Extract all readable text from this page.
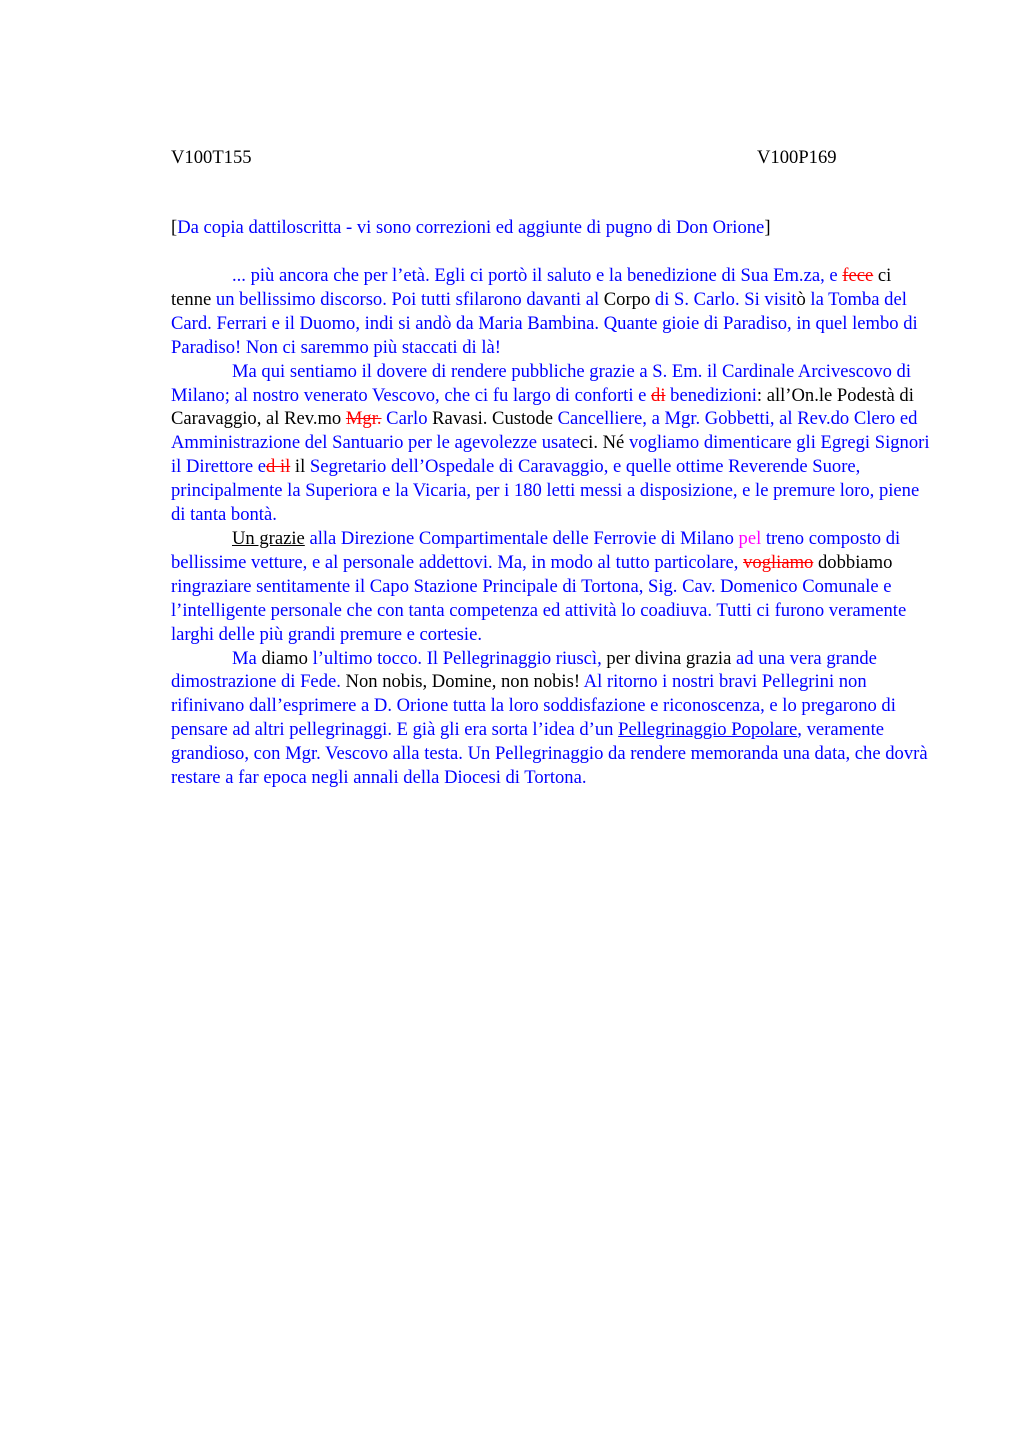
V100T155	V100P169
[Da copia dattiloscritta - vi sono correzioni ed aggiunte di pugno di Don Orione]

... più ancora che per l’età. Egli ci portò il saluto e la benedizione di Sua Em.za, e fece ci tenne un bellissimo discorso. Poi tutti sfilarono davanti al Corpo di S. Carlo. Si visitò la Tomba del Card. Ferrari e il Duomo, indi si andò da Maria Bambina. Quante gioie di Paradiso, in quel lembo di Paradiso! Non ci saremmo più staccati di là!

Ma qui sentiamo il dovere di rendere pubbliche grazie a S. Em. il Cardinale Arcivescovo di Milano; al nostro venerato Vescovo, che ci fu largo di conforti e di benedizioni: all’On.le Podestà di Caravaggio, al Rev.mo Mgr. Carlo Ravasi. Custode Cancelliere, a Mgr. Gobbetti, al Rev.do Clero ed Amministrazione del Santuario per le agevolezze usateci. Né vogliamo dimenticare gli Egregi Signori il Direttore ed il il Segretario dell’Ospedale di Caravaggio, e quelle ottime Reverende Suore, principalmente la Superiora e la Vicaria, per i 180 letti messi a disposizione, e le premure loro, piene di tanta bontà.

Un grazie alla Direzione Compartimentale delle Ferrovie di Milano pel treno composto di bellissime vetture, e al personale addettovi. Ma, in modo al tutto particolare, vogliamo dobbiamo ringraziare sentitamente il Capo Stazione Principale di Tortona, Sig. Cav. Domenico Comunale e l’intelligente personale che con tanta competenza ed attività lo coadiuva. Tutti ci furono veramente larghi delle più grandi premure e cortesie.

Ma diamo l’ultimo tocco. Il Pellegrinaggio riuscì, per divina grazia ad una vera grande dimostrazione di Fede. Non nobis, Domine, non nobis! Al ritorno i nostri bravi Pellegrini non rifinivano dall’esprimere a D. Orione tutta la loro soddisfazione e riconoscenza, e lo pregarono di pensare ad altri pellegrinaggi. E già gli era sorta l’idea d’un Pellegrinaggio Popolare, veramente grandioso, con Mgr. Vescovo alla testa. Un Pellegrinaggio da rendere memoranda una data, che dovrà restare a far epoca negli annali della Diocesi di Tortona.
